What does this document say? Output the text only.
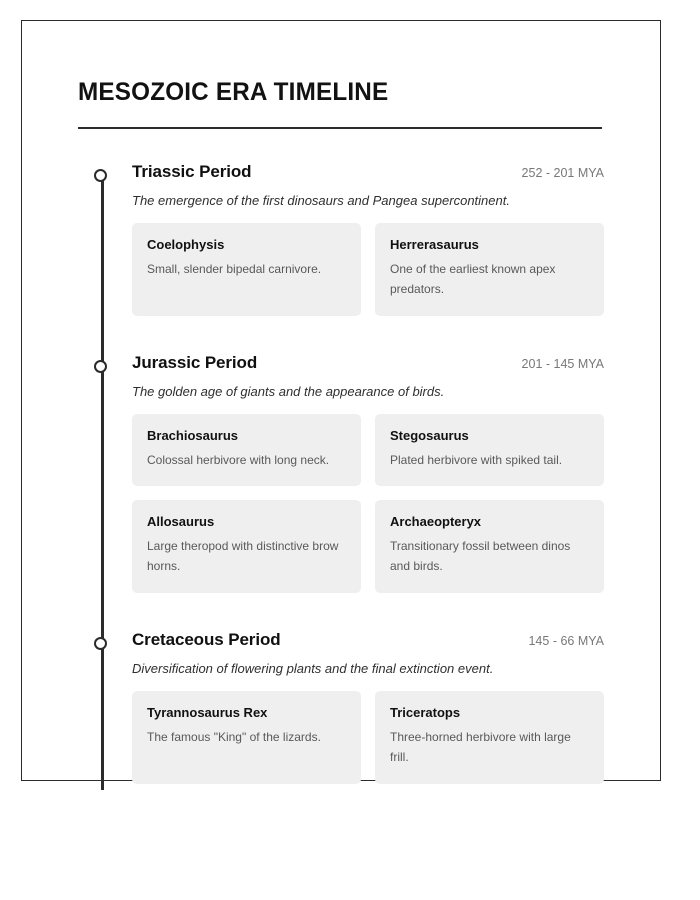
MESOZOIC ERA TIMELINE
Triassic Period	252 - 201 MYA
The emergence of the first dinosaurs and Pangea supercontinent.
Coelophysis
Small, slender bipedal carnivore.
Herrerasaurus
One of the earliest known apex predators.
Jurassic Period	201 - 145 MYA
The golden age of giants and the appearance of birds.
Brachiosaurus
Colossal herbivore with long neck.
Stegosaurus
Plated herbivore with spiked tail.
Allosaurus
Large theropod with distinctive brow horns.
Archaeopteryx
Transitionary fossil between dinos and birds.
Cretaceous Period	145 - 66 MYA
Diversification of flowering plants and the final extinction event.
Tyrannosaurus Rex
The famous "King" of the lizards.
Triceratops
Three-horned herbivore with large frill.
